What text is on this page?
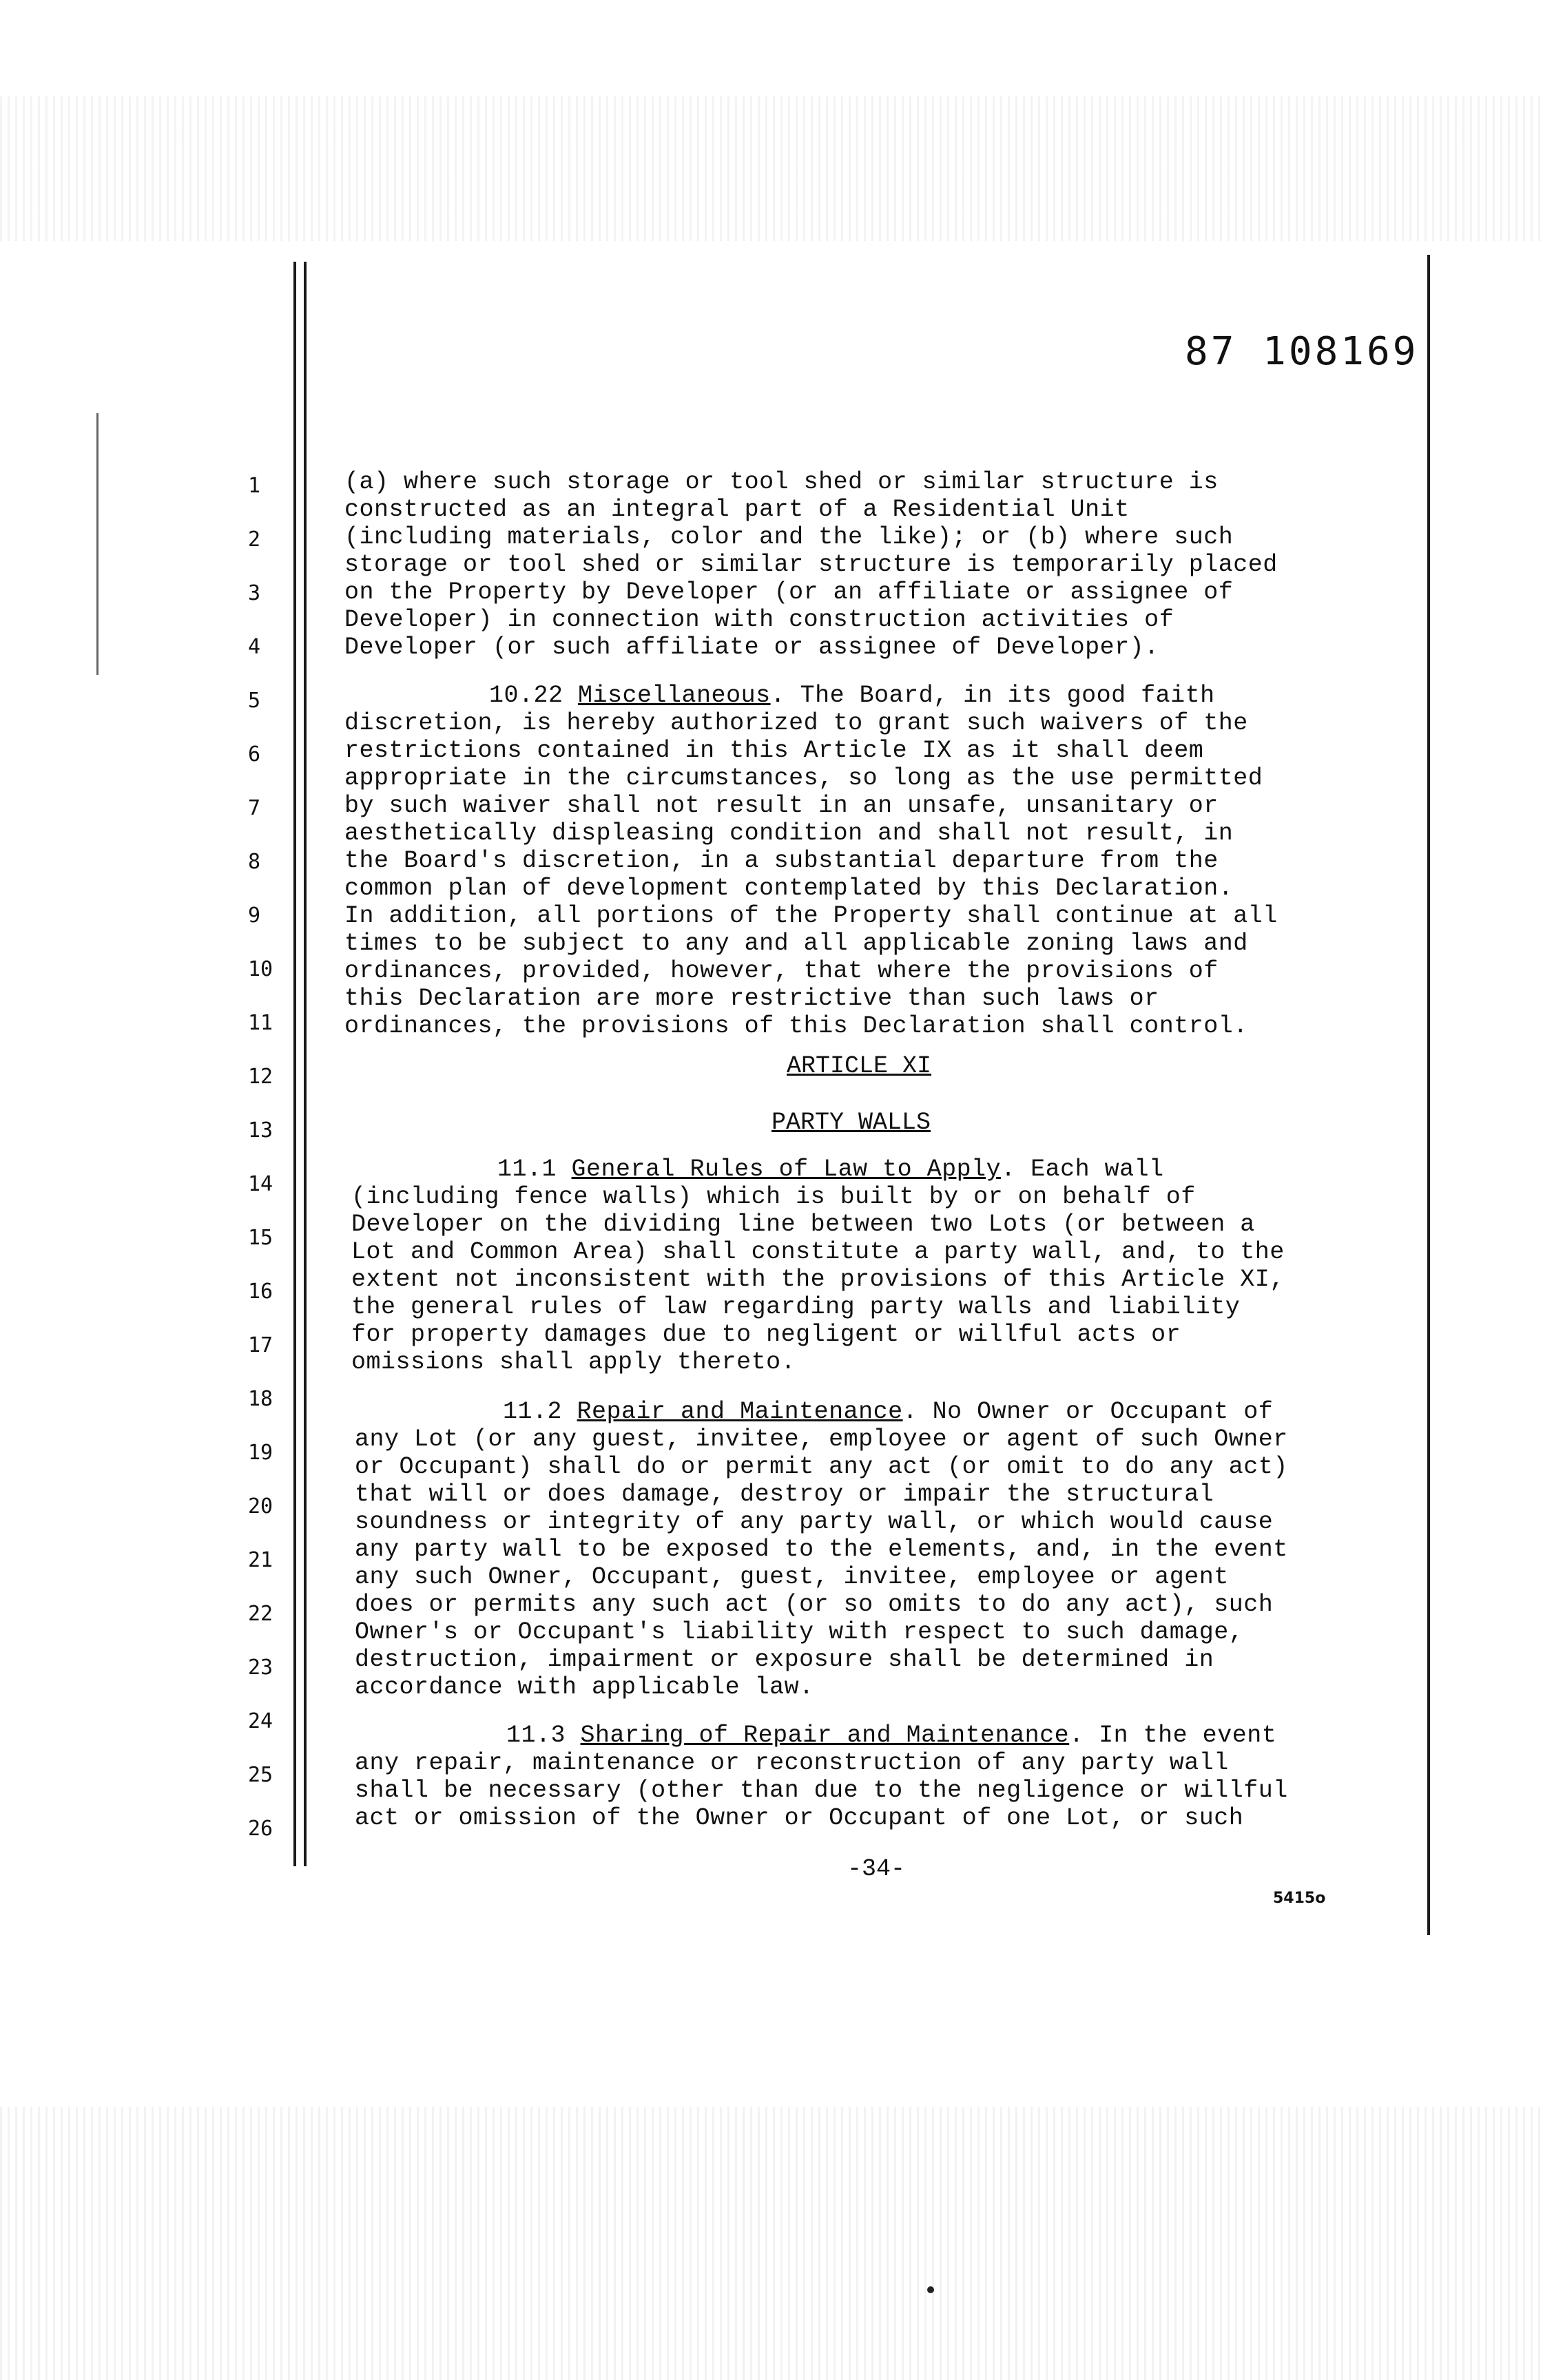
87 108169
1
2
3
4
5
6
7
8
9
10
11
12
13
14
15
16
17
18
19
20
21
22
23
24
25
26
(a) where such storage or tool shed or similar structure is
constructed as an integral part of a Residential Unit
(including materials, color and the like); or (b) where such
storage or tool shed or similar structure is temporarily placed
on the Property by Developer (or an affiliate or assignee of
Developer) in connection with construction activities of
Developer (or such affiliate or assignee of Developer).
10.22 Miscellaneous. The Board, in its good faith
discretion, is hereby authorized to grant such waivers of the
restrictions contained in this Article IX as it shall deem
appropriate in the circumstances, so long as the use permitted
by such waiver shall not result in an unsafe, unsanitary or
aesthetically displeasing condition and shall not result, in
the Board's discretion, in a substantial departure from the
common plan of development contemplated by this Declaration.
In addition, all portions of the Property shall continue at all
times to be subject to any and all applicable zoning laws and
ordinances, provided, however, that where the provisions of
this Declaration are more restrictive than such laws or
ordinances, the provisions of this Declaration shall control.
ARTICLE XI
PARTY WALLS
11.1 General Rules of Law to Apply. Each wall
(including fence walls) which is built by or on behalf of
Developer on the dividing line between two Lots (or between a
Lot and Common Area) shall constitute a party wall, and, to the
extent not inconsistent with the provisions of this Article XI,
the general rules of law regarding party walls and liability
for property damages due to negligent or willful acts or
omissions shall apply thereto.
11.2 Repair and Maintenance. No Owner or Occupant of
any Lot (or any guest, invitee, employee or agent of such Owner
or Occupant) shall do or permit any act (or omit to do any act)
that will or does damage, destroy or impair the structural
soundness or integrity of any party wall, or which would cause
any party wall to be exposed to the elements, and, in the event
any such Owner, Occupant, guest, invitee, employee or agent
does or permits any such act (or so omits to do any act), such
Owner's or Occupant's liability with respect to such damage,
destruction, impairment or exposure shall be determined in
accordance with applicable law.
11.3 Sharing of Repair and Maintenance. In the event
any repair, maintenance or reconstruction of any party wall
shall be necessary (other than due to the negligence or willful
act or omission of the Owner or Occupant of one Lot, or such
-34-
5415o
